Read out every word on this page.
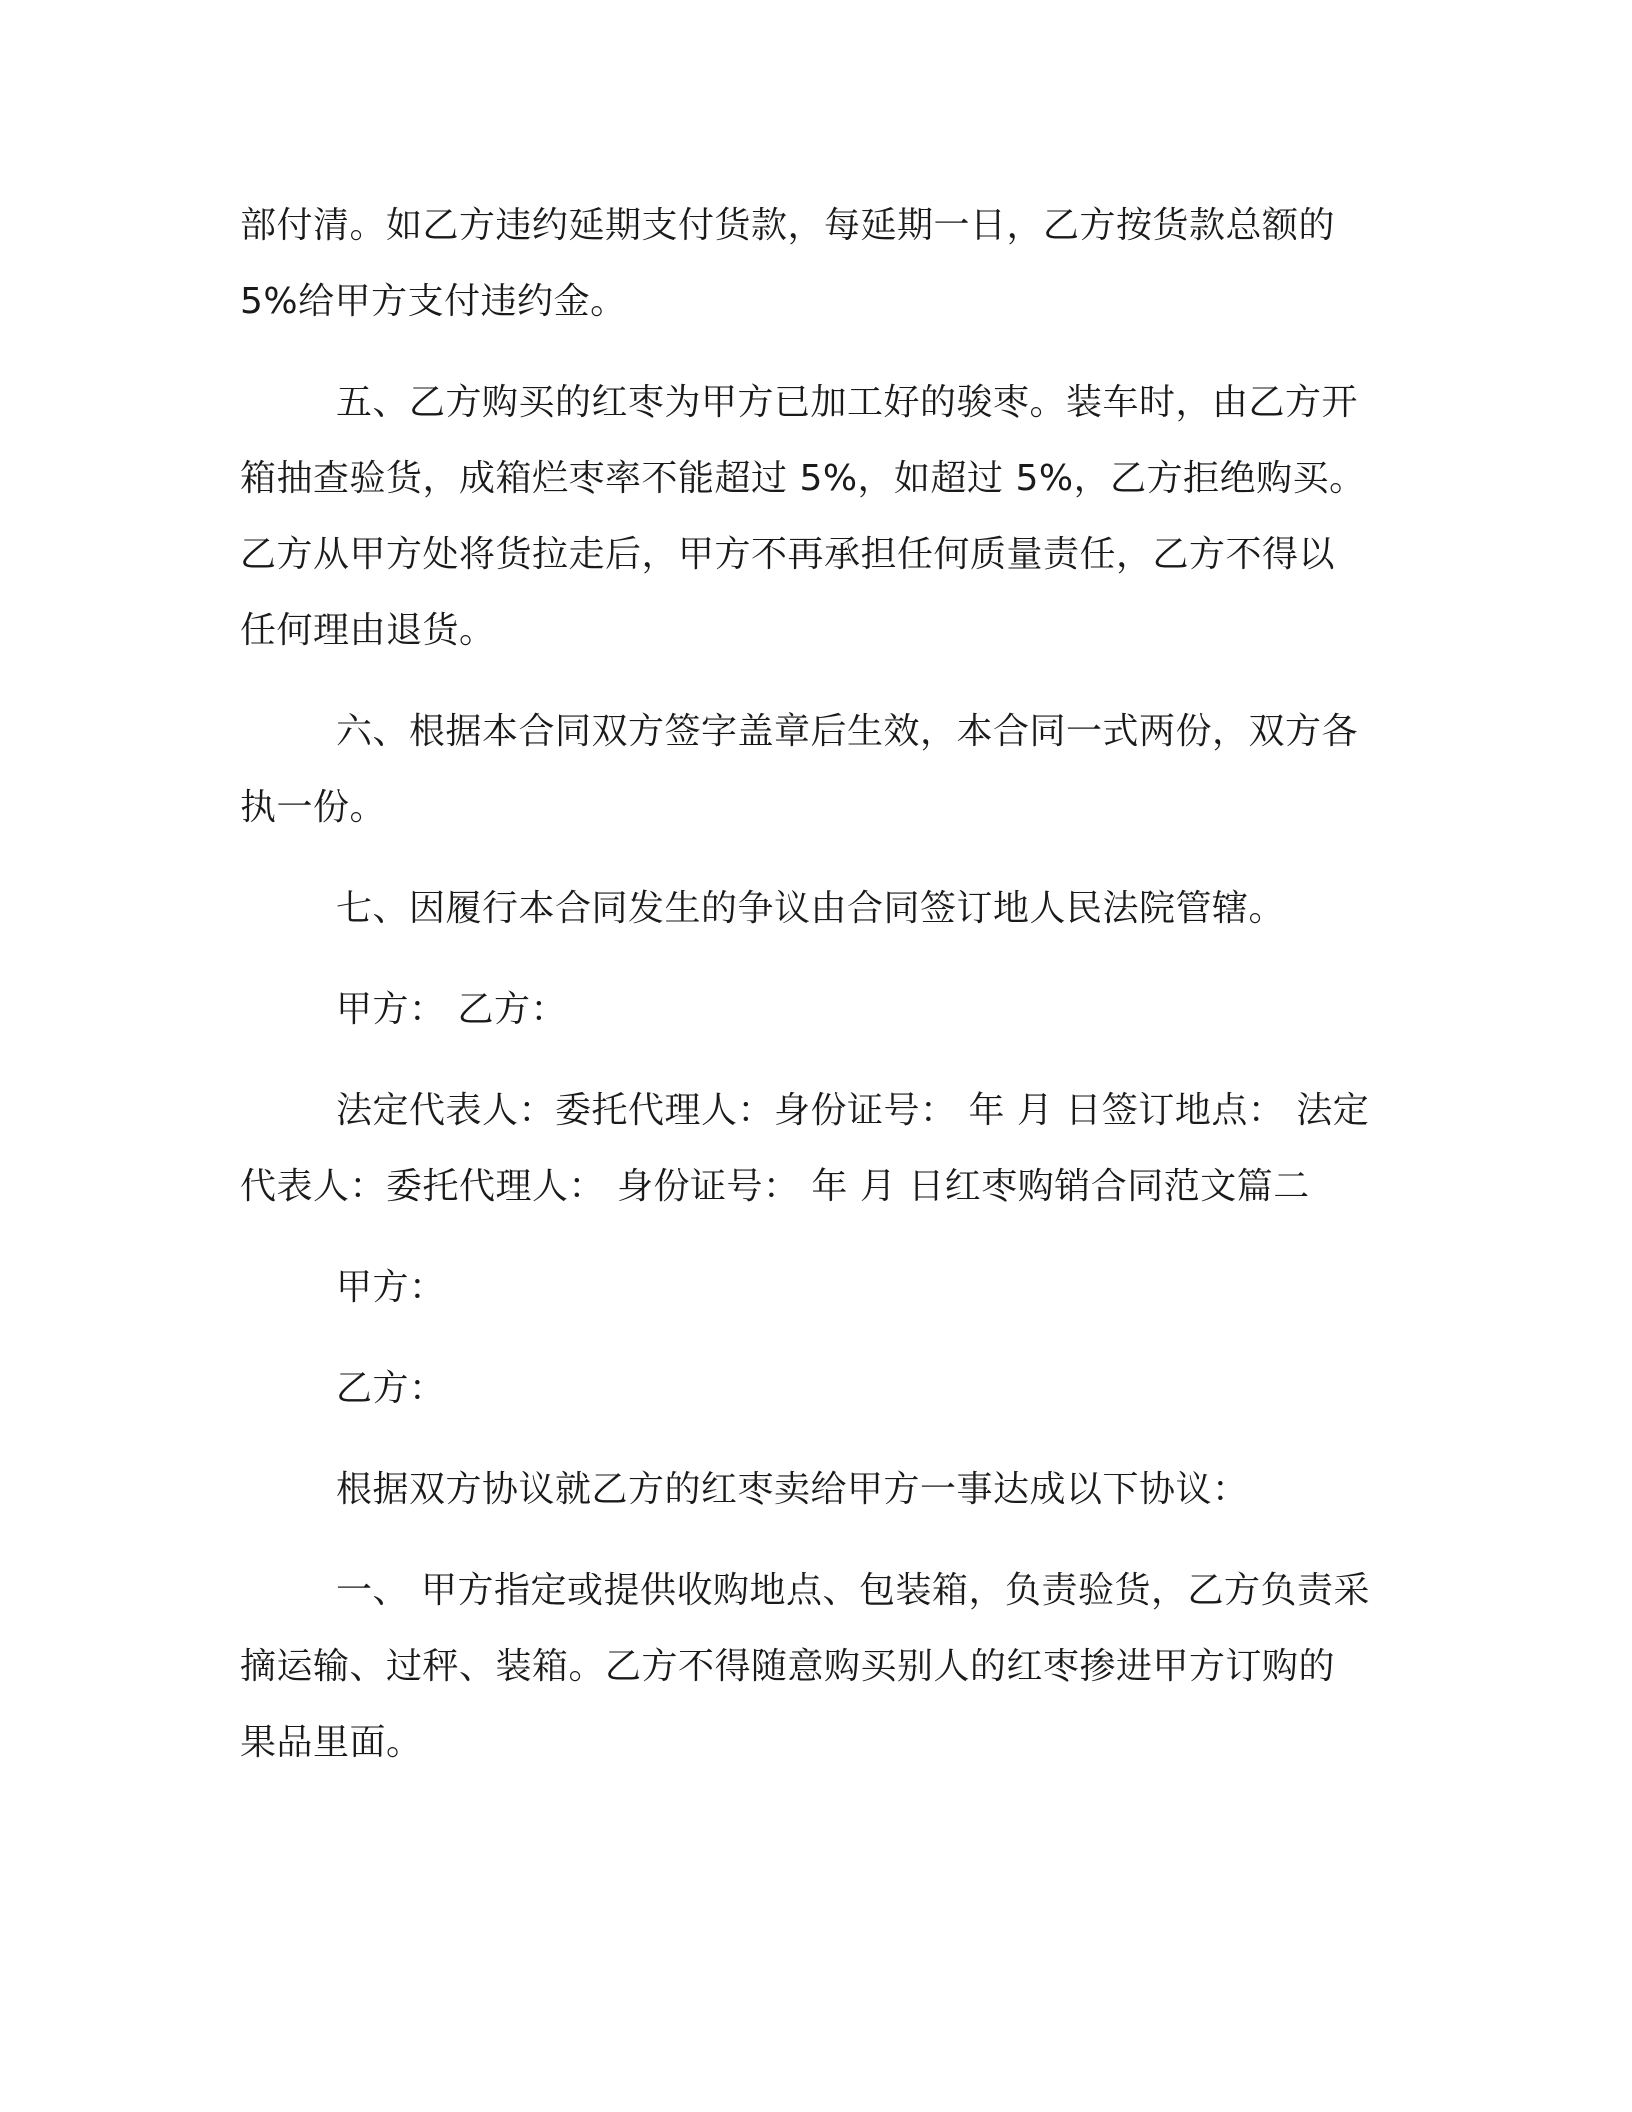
部付清。如乙方违约延期支付货款，每延期一日，乙方按货款总额的
5%给甲方支付违约金。

五、乙方购买的红枣为甲方已加工好的骏枣。装车时，由乙方开
箱抽查验货，成箱烂枣率不能超过 5%，如超过 5%，乙方拒绝购买。
乙方从甲方处将货拉走后，甲方不再承担任何质量责任，乙方不得以
任何理由退货。

六、根据本合同双方签字盖章后生效，本合同一式两份，双方各
执一份。

七、因履行本合同发生的争议由合同签订地人民法院管辖。

甲方： 乙方：

法定代表人：委托代理人：身份证号： 年 月 日签订地点： 法定
代表人：委托代理人： 身份证号： 年 月 日红枣购销合同范文篇二

甲方：

乙方：

根据双方协议就乙方的红枣卖给甲方一事达成以下协议：

一、 甲方指定或提供收购地点、包装箱，负责验货，乙方负责采
摘运输、过秤、装箱。乙方不得随意购买别人的红枣掺进甲方订购的
果品里面。
